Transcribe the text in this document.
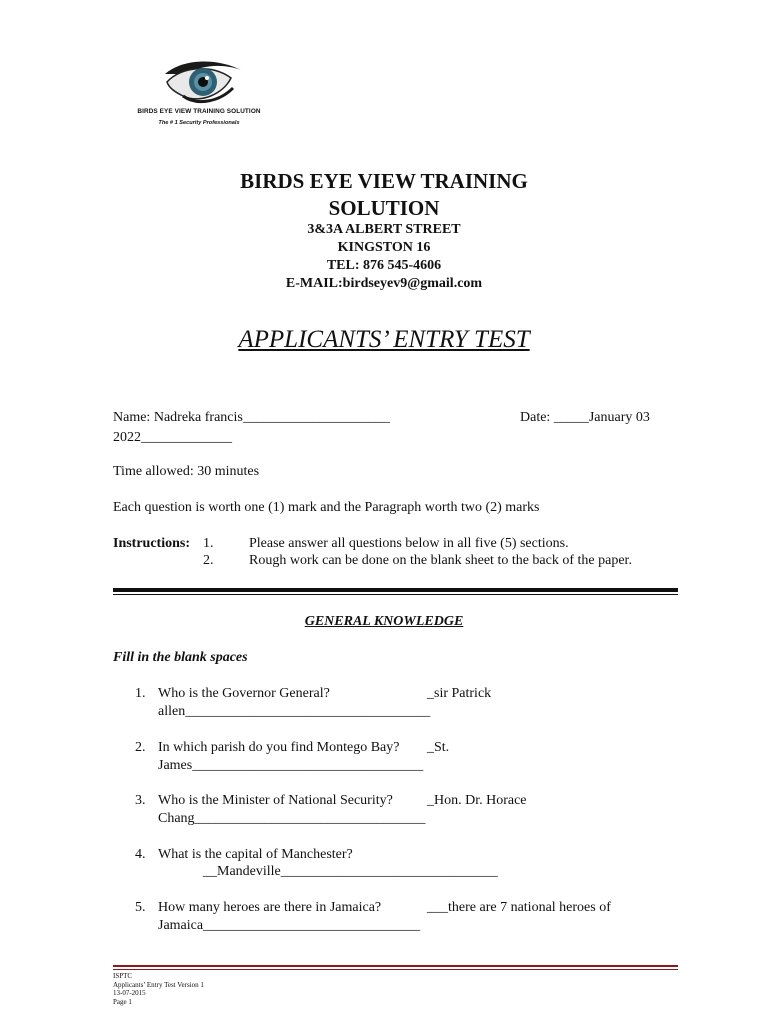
BIRDS EYE VIEW TRAINING SOLUTION
The # 1 Security Professionals
BIRDS EYE VIEW TRAINING
SOLUTION
3&3A ALBERT STREET
KINGSTON 16
TEL: 876 545-4606
E-MAIL:birdseyev9@gmail.com
APPLICANTS’ ENTRY TEST
Name: Nadreka francis_____________________	Date: _____January 03
2022_____________
Time allowed: 30 minutes
Each question is worth one (1) mark and the Paragraph worth two (2) marks
Instructions: 1.	Please answer all questions below in all five (5) sections.
2.	Rough work can be done on the blank sheet to the back of the paper.
GENERAL KNOWLEDGE
Fill in the blank spaces
1. Who is the Governor General?	_sir Patrick
allen___________________________________
2. In which parish do you find Montego Bay? _St.
James_________________________________
3. Who is the Minister of National Security? _Hon. Dr. Horace
Chang_________________________________
4. What is the capital of Manchester?
__Mandeville_______________________________
5. How many heroes are there in Jamaica?	___there are 7 national heroes of
Jamaica_______________________________
ISPTC
Applicants’ Entry Test Version 1
13-07-2015
Page 1
